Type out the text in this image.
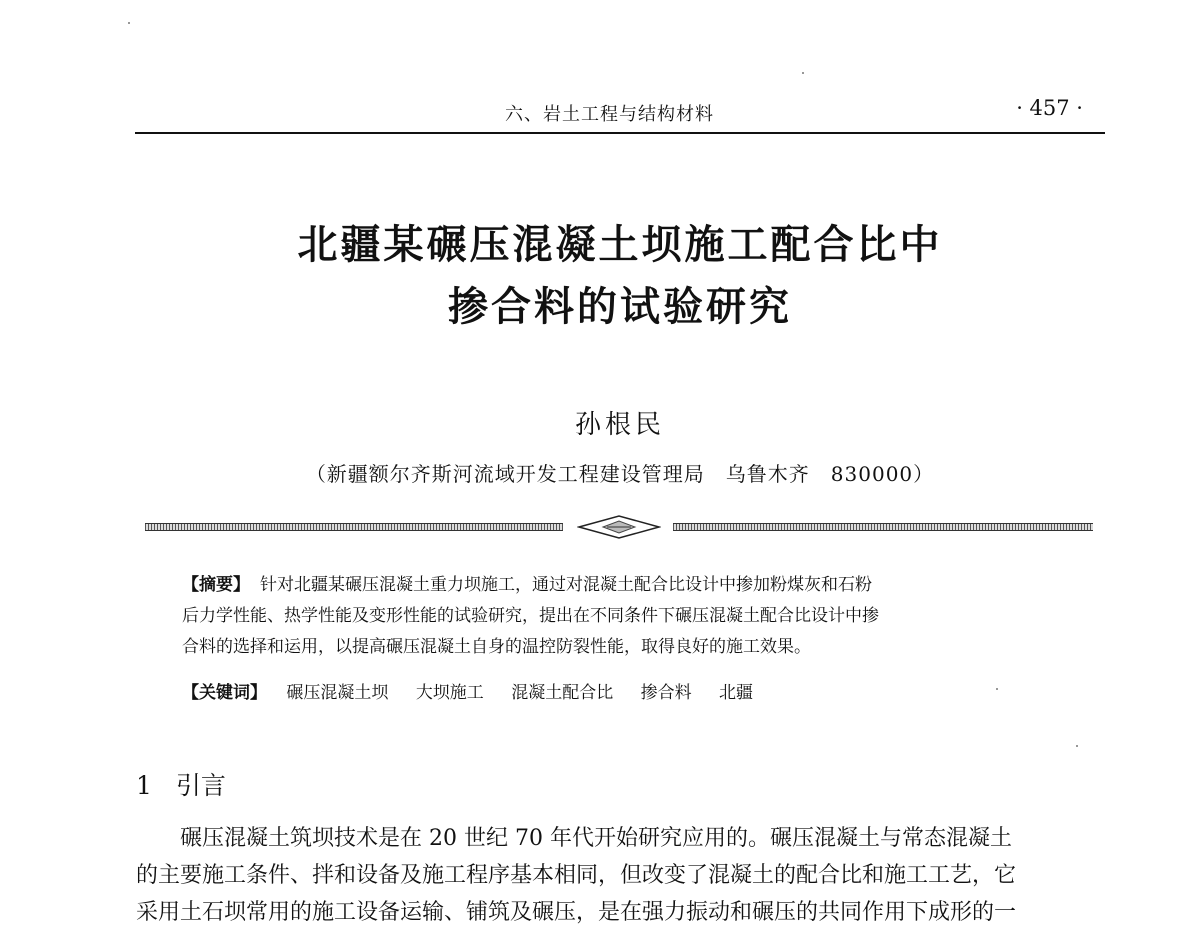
六、岩土工程与结构材料	· 457 ·
北疆某碾压混凝土坝施工配合比中
掺合料的试验研究
孙根民
（新疆额尔齐斯河流域开发工程建设管理局　乌鲁木齐　830000）
【摘要】 针对北疆某碾压混凝土重力坝施工，通过对混凝土配合比设计中掺加粉煤灰和石粉
后力学性能、热学性能及变形性能的试验研究，提出在不同条件下碾压混凝土配合比设计中掺
合料的选择和运用，以提高碾压混凝土自身的温控防裂性能，取得良好的施工效果。
【关键词】 碾压混凝土坝 大坝施工 混凝土配合比 掺合料 北疆
1 引言
碾压混凝土筑坝技术是在 20 世纪 70 年代开始研究应用的。碾压混凝土与常态混凝土
的主要施工条件、拌和设备及施工程序基本相同，但改变了混凝土的配合比和施工工艺，它
采用土石坝常用的施工设备运输、铺筑及碾压，是在强力振动和碾压的共同作用下成形的一
